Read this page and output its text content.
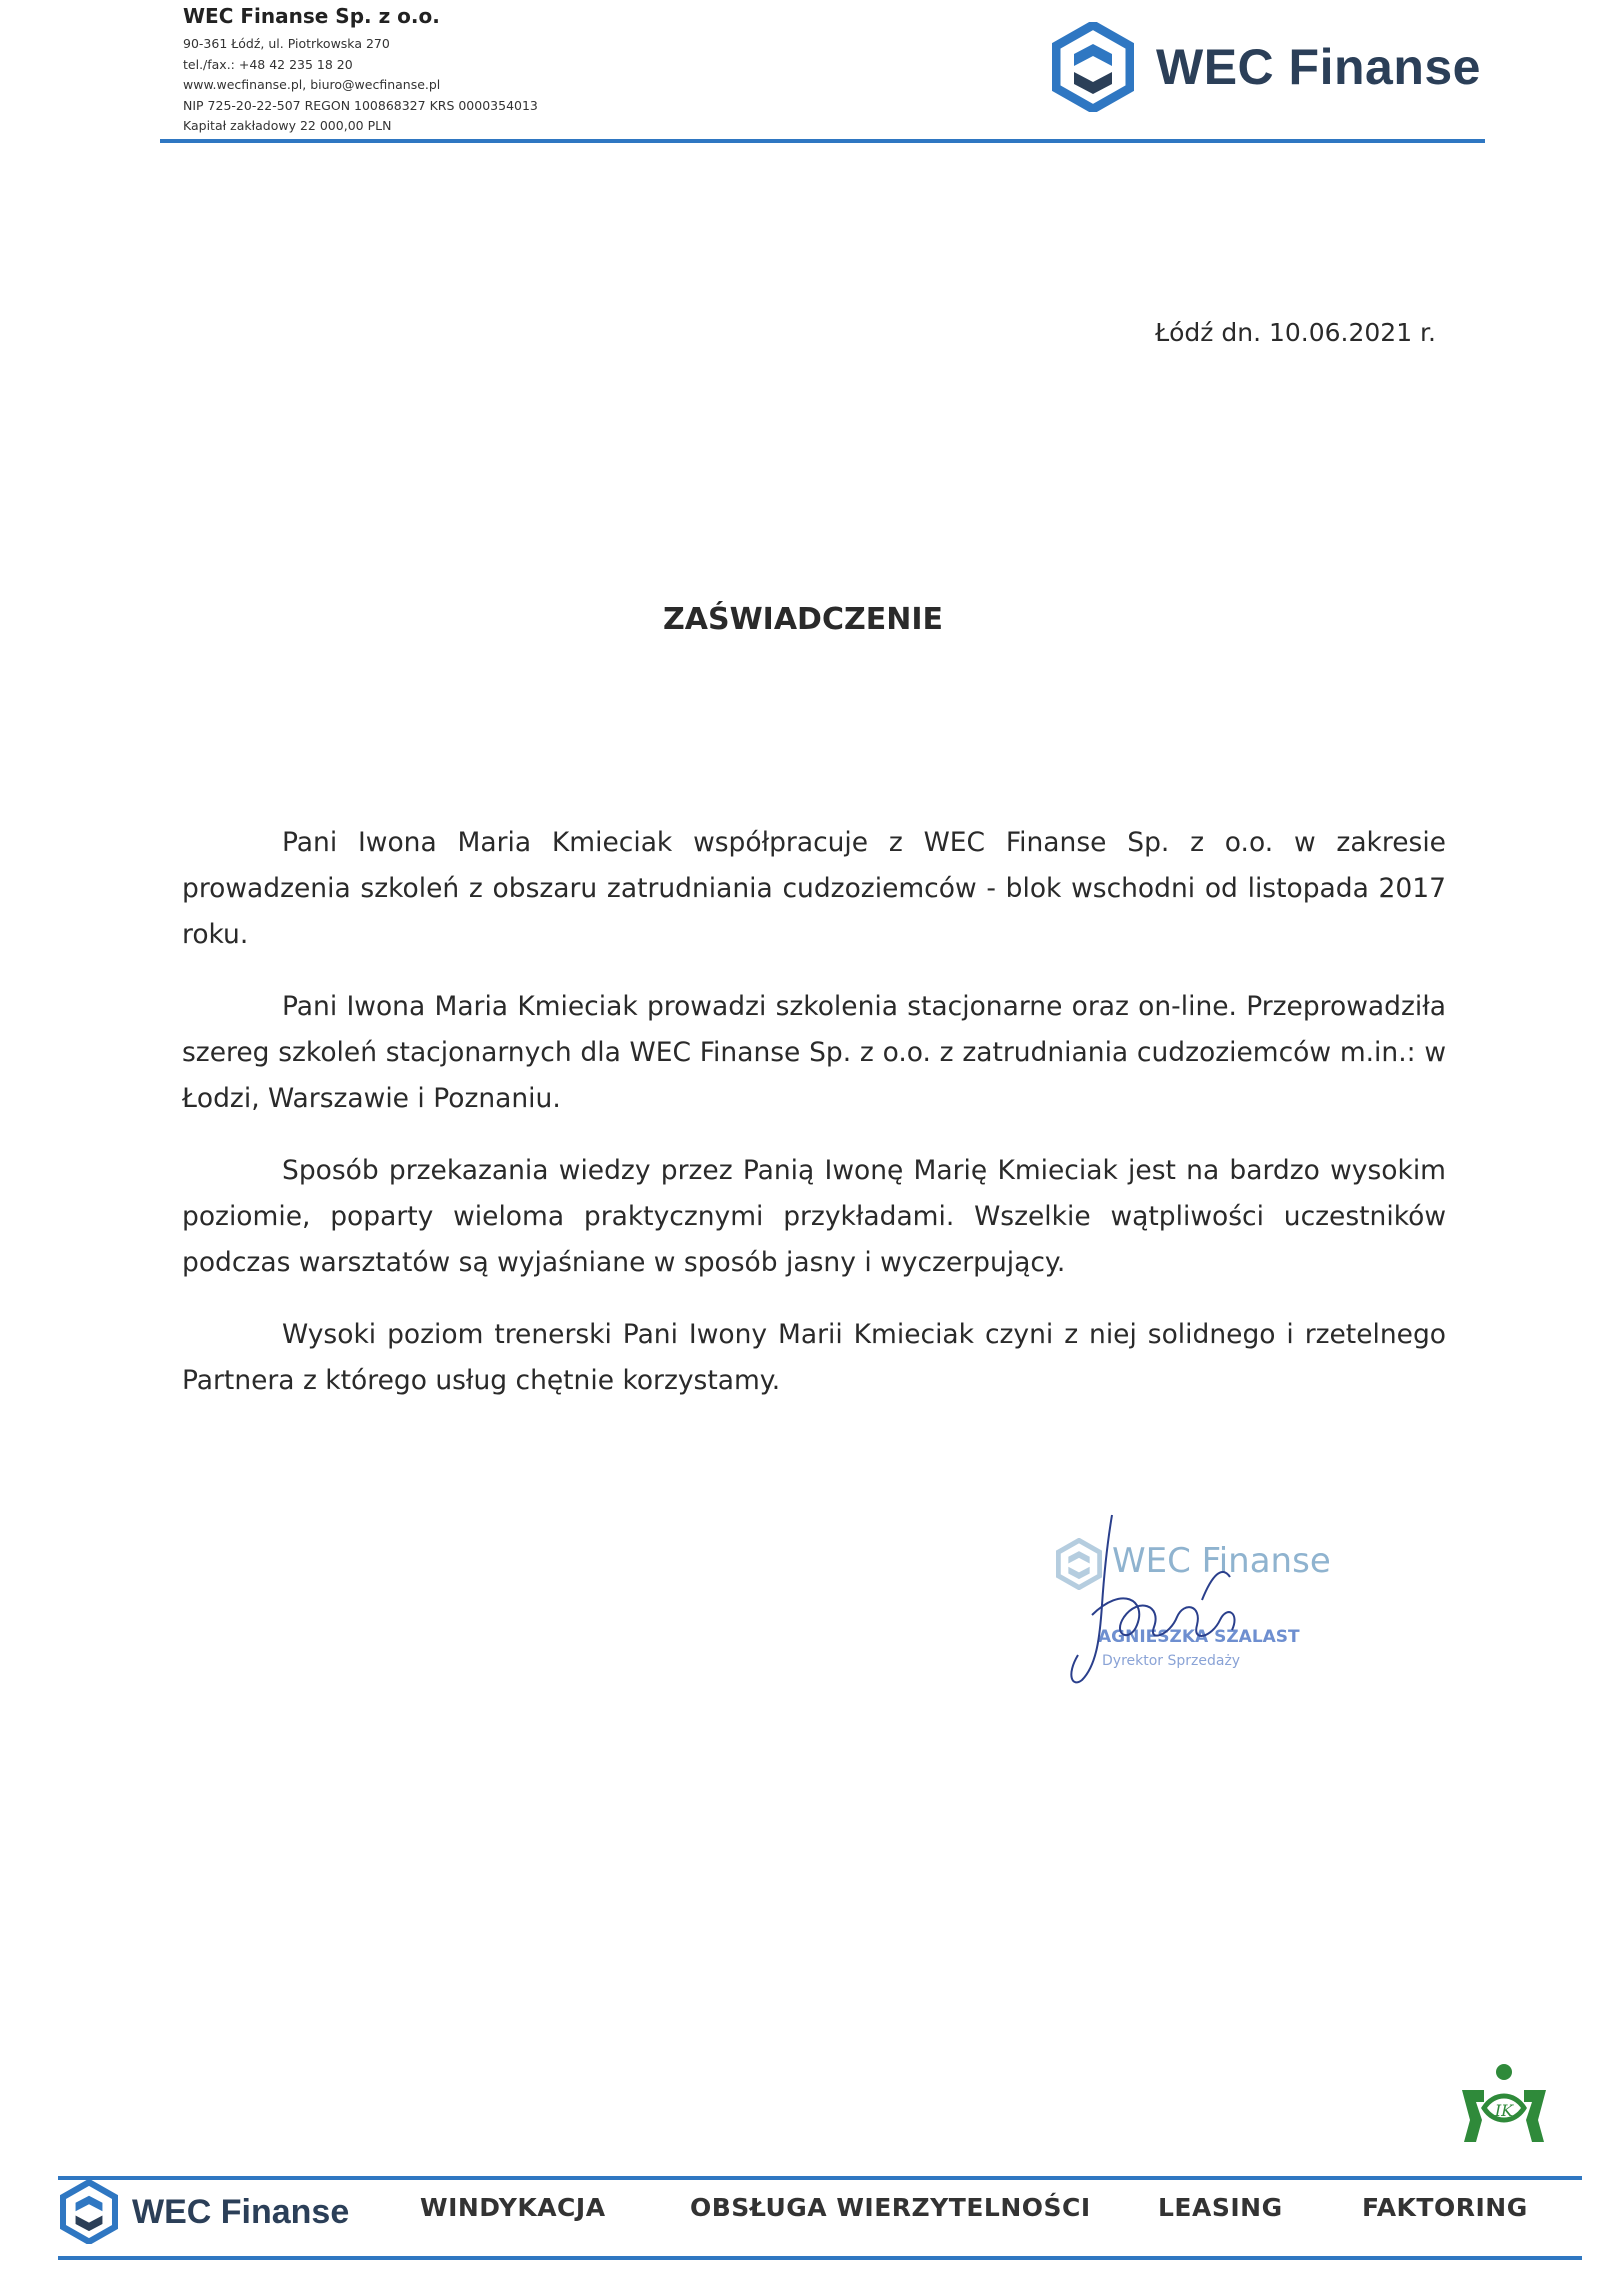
WEC Finanse Sp. z o.o.
90-361 Łódź, ul. Piotrkowska 270
tel./fax.: +48 42 235 18 20
www.wecfinanse.pl, biuro@wecfinanse.pl
NIP 725-20-22-507 REGON 100868327 KRS 0000354013
Kapitał zakładowy 22 000,00 PLN
WEC Finanse
Łódź dn. 10.06.2021 r.
ZAŚWIADCZENIE

Pani Iwona Maria Kmieciak współpracuje z WEC Finanse Sp. z o.o. w zakresie prowadzenia szkoleń z obszaru zatrudniania cudzoziemców - blok wschodni od listopada 2017 roku.

Pani Iwona Maria Kmieciak prowadzi szkolenia stacjonarne oraz on-line. Przeprowadziła szereg szkoleń stacjonarnych dla WEC Finanse Sp. z o.o. z zatrudniania cudzoziemców m.in.: w Łodzi, Warszawie i Poznaniu.

Sposób przekazania wiedzy przez Panią Iwonę Marię Kmieciak jest na bardzo wysokim poziomie, poparty wieloma praktycznymi przykładami. Wszelkie wątpliwości uczestników podczas warsztatów są wyjaśniane w sposób jasny i wyczerpujący.

Wysoki poziom trenerski Pani Iwony Marii Kmieciak czyni z niej solidnego i rzetelnego Partnera z którego usług chętnie korzystamy.

WEC Finanse
AGNIESZKA SZALAST
Dyrektor Sprzedaży
IK
WEC Finanse	WINDYKACJA	OBSŁUGA WIERZYTELNOŚCI	LEASING	FAKTORING
